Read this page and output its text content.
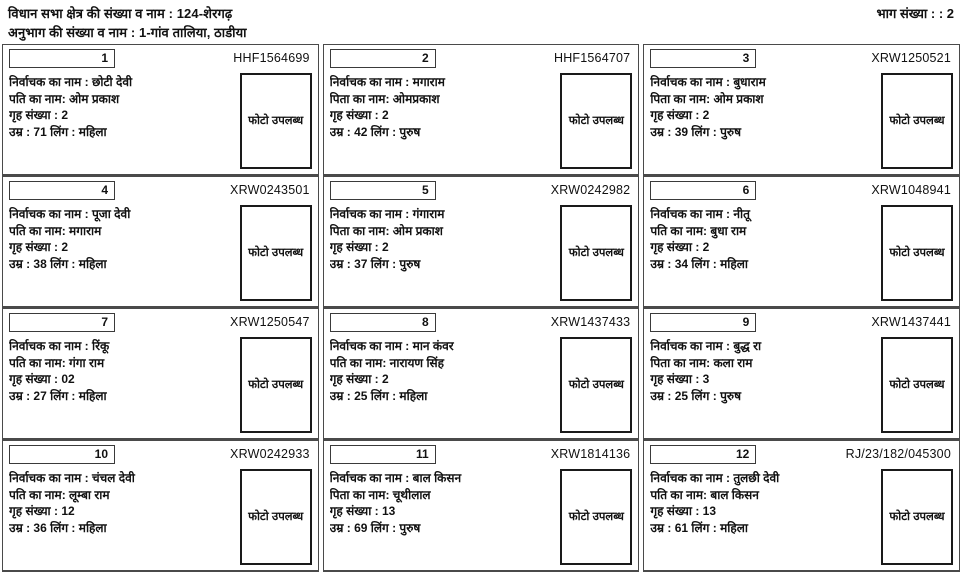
विधान सभा क्षेत्र की संख्या व नाम : 124-शेरगढ़
अनुभाग की संख्या व नाम : 1-गांव तालिया, ठाडीया
भाग संख्या : : 2
1	HHF1564699
निर्वाचक का नाम : छोटी देवी
पति का नाम: ओम प्रकाश
गृह संख्या : 2
उम्र : 71 लिंग : महिला
फोटो उपलब्ध
2	HHF1564707
निर्वाचक का नाम : मगाराम
पिता का नाम: ओमप्रकाश
गृह संख्या : 2
उम्र : 42 लिंग : पुरुष
फोटो उपलब्ध
3	XRW1250521
निर्वाचक का नाम : बुधाराम
पिता का नाम: ओम प्रकाश
गृह संख्या : 2
उम्र : 39 लिंग : पुरुष
फोटो उपलब्ध
4	XRW0243501
निर्वाचक का नाम : पूजा देवी
पति का नाम: मगाराम
गृह संख्या : 2
उम्र : 38 लिंग : महिला
फोटो उपलब्ध
5	XRW0242982
निर्वाचक का नाम : गंगाराम
पिता का नाम: ओम प्रकाश
गृह संख्या : 2
उम्र : 37 लिंग : पुरुष
फोटो उपलब्ध
6	XRW1048941
निर्वाचक का नाम : नीतू
पति का नाम: बुधा राम
गृह संख्या : 2
उम्र : 34 लिंग : महिला
फोटो उपलब्ध
7	XRW1250547
निर्वाचक का नाम : रिंकू
पति का नाम: गंगा राम
गृह संख्या : 02
उम्र : 27 लिंग : महिला
फोटो उपलब्ध
8	XRW1437433
निर्वाचक का नाम : मान कंवर
पति का नाम: नारायण सिंह
गृह संख्या : 2
उम्र : 25 लिंग : महिला
फोटो उपलब्ध
9	XRW1437441
निर्वाचक का नाम : बुद्ध रा
पिता का नाम: कला राम
गृह संख्या : 3
उम्र : 25 लिंग : पुरुष
फोटो उपलब्ध
10	XRW0242933
निर्वाचक का नाम : चंचल देवी
पति का नाम: लूम्बा राम
गृह संख्या : 12
उम्र : 36 लिंग : महिला
फोटो उपलब्ध
11	XRW1814136
निर्वाचक का नाम : बाल किसन
पिता का नाम: चूथीलाल
गृह संख्या : 13
उम्र : 69 लिंग : पुरुष
फोटो उपलब्ध
12	RJ/23/182/045300
निर्वाचक का नाम : तुलछी देवी
पति का नाम: बाल किसन
गृह संख्या : 13
उम्र : 61 लिंग : महिला
फोटो उपलब्ध
